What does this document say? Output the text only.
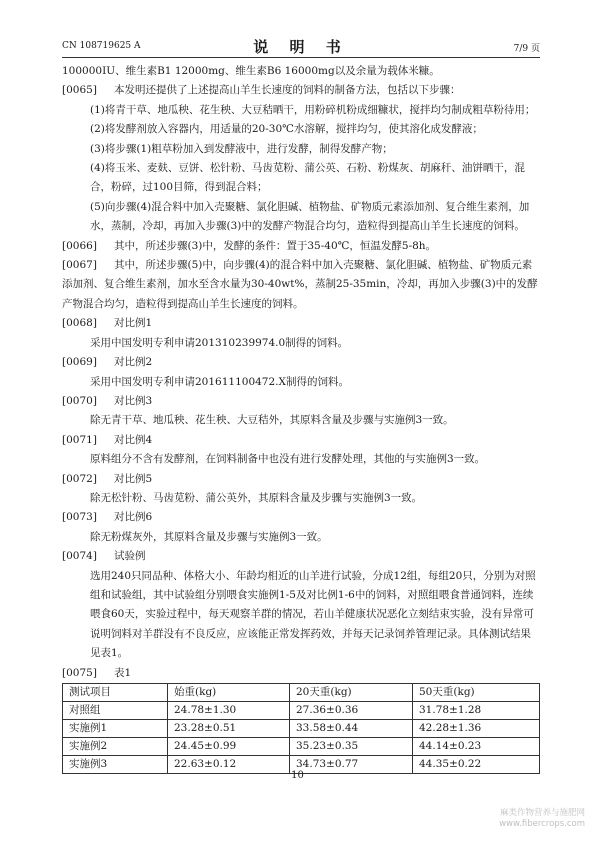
CN 108719625 A	说 明 书	7/9 页

100000IU、维生素B1 12000mg、维生素B6 16000mg以及余量为载体米糠。

[0065] 本发明还提供了上述提高山羊生长速度的饲料的制备方法，包括以下步骤：

(1)将青干草、地瓜秧、花生秧、大豆秸晒干，用粉碎机粉成细糠状，搅拌均匀制成粗草粉待用；

(2)将发酵剂放入容器内，用适量的20-30℃水溶解，搅拌均匀，使其溶化成发酵液；

(3)将步骤(1)粗草粉加入到发酵液中，进行发酵，制得发酵产物；

(4)将玉米、麦麸、豆饼、松针粉、马齿苋粉、蒲公英、石粉、粉煤灰、胡麻秆、油饼晒干，混合，粉碎，过100目筛，得到混合料；

(5)向步骤(4)混合料中加入壳聚糖、氯化胆碱、植物盐、矿物质元素添加剂、复合维生素剂，加水，蒸制，冷却，再加入步骤(3)中的发酵产物混合均匀，造粒得到提高山羊生长速度的饲料。

[0066] 其中，所述步骤(3)中，发酵的条件：置于35-40℃，恒温发酵5-8h。

[0067] 其中，所述步骤(5)中，向步骤(4)的混合料中加入壳聚糖、氯化胆碱、植物盐、矿物质元素添加剂、复合维生素剂，加水至含水量为30-40wt%，蒸制25-35min，冷却，再加入步骤(3)中的发酵产物混合均匀，造粒得到提高山羊生长速度的饲料。

[0068] 对比例1

采用中国发明专利申请201310239974.0制得的饲料。

[0069] 对比例2

采用中国发明专利申请201611100472.X制得的饲料。

[0070] 对比例3

除无青干草、地瓜秧、花生秧、大豆秸外，其原料含量及步骤与实施例3一致。

[0071] 对比例4

原料组分不含有发酵剂，在饲料制备中也没有进行发酵处理，其他的与实施例3一致。

[0072] 对比例5

除无松针粉、马齿苋粉、蒲公英外，其原料含量及步骤与实施例3一致。

[0073] 对比例6

除无粉煤灰外，其原料含量及步骤与实施例3一致。

[0074] 试验例

选用240只同品种、体格大小、年龄均相近的山羊进行试验，分成12组，每组20只，分别为对照组和试验组，其中试验组分别喂食实施例1-5及对比例1-6中的饲料，对照组喂食普通饲料，连续喂食60天，实验过程中，每天观察羊群的情况，若山羊健康状况恶化立刻结束实验，没有异常可说明饲料对羊群没有不良反应，应该能正常发挥药效，并每天记录饲养管理记录。具体测试结果见表1。

[0075] 表1

测试项目	始重(kg)	20天重(kg)	50天重(kg)
对照组	24.78±1.30	27.36±0.36	31.78±1.28
实施例1	23.28±0.51	33.58±0.44	42.28±1.36
实施例2	24.45±0.99	35.23±0.35	44.14±0.23
实施例3	22.63±0.12	34.73±0.77	44.35±0.22
10
麻类作物营养与施肥网
www.fibercrops.com
